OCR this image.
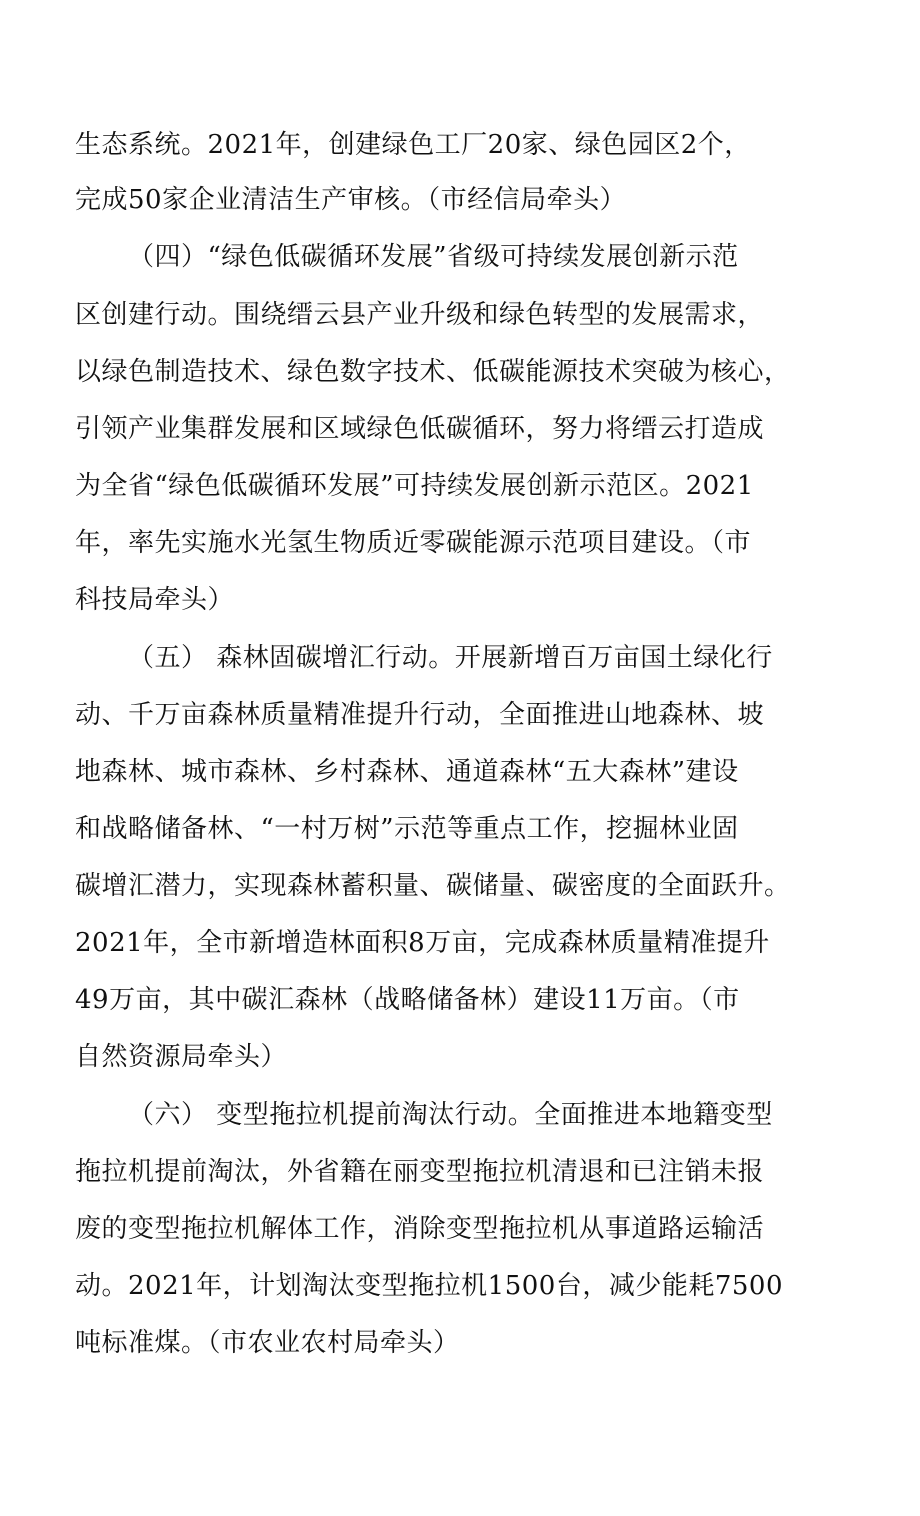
生态系统。2021年，创建绿色工厂20家、绿色园区2个，
完成50家企业清洁生产审核。（市经信局牵头）
（四）“绿色低碳循环发展”省级可持续发展创新示范
区创建行动。围绕缙云县产业升级和绿色转型的发展需求，
以绿色制造技术、绿色数字技术、低碳能源技术突破为核心，
引领产业集群发展和区域绿色低碳循环，努力将缙云打造成
为全省“绿色低碳循环发展”可持续发展创新示范区。2021
年，率先实施水光氢生物质近零碳能源示范项目建设。（市
科技局牵头）
（五） 森林固碳增汇行动。开展新增百万亩国土绿化行
动、千万亩森林质量精准提升行动，全面推进山地森林、坡
地森林、城市森林、乡村森林、通道森林“五大森林”建设
和战略储备林、“一村万树”示范等重点工作，挖掘林业固
碳增汇潜力，实现森林蓄积量、碳储量、碳密度的全面跃升。
2021年，全市新增造林面积8万亩，完成森林质量精准提升
49万亩，其中碳汇森林（战略储备林）建设11万亩。（市
自然资源局牵头）
（六） 变型拖拉机提前淘汰行动。全面推进本地籍变型
拖拉机提前淘汰，外省籍在丽变型拖拉机清退和已注销未报
废的变型拖拉机解体工作，消除变型拖拉机从事道路运输活
动。2021年，计划淘汰变型拖拉机1500台，减少能耗7500
吨标准煤。（市农业农村局牵头）
